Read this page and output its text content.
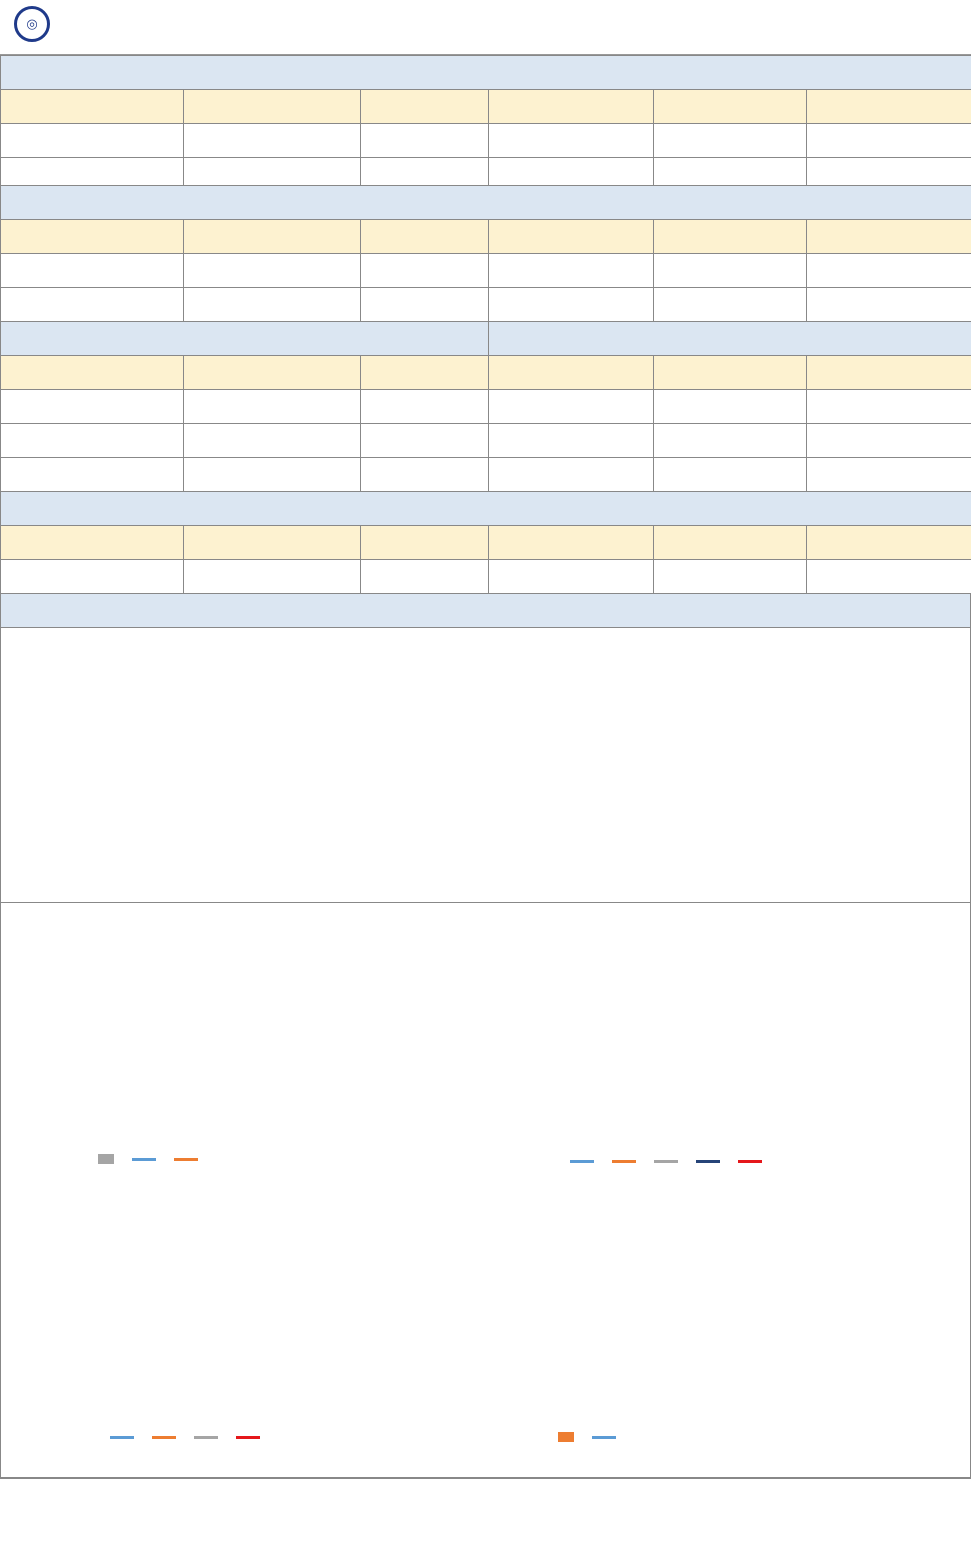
◎
